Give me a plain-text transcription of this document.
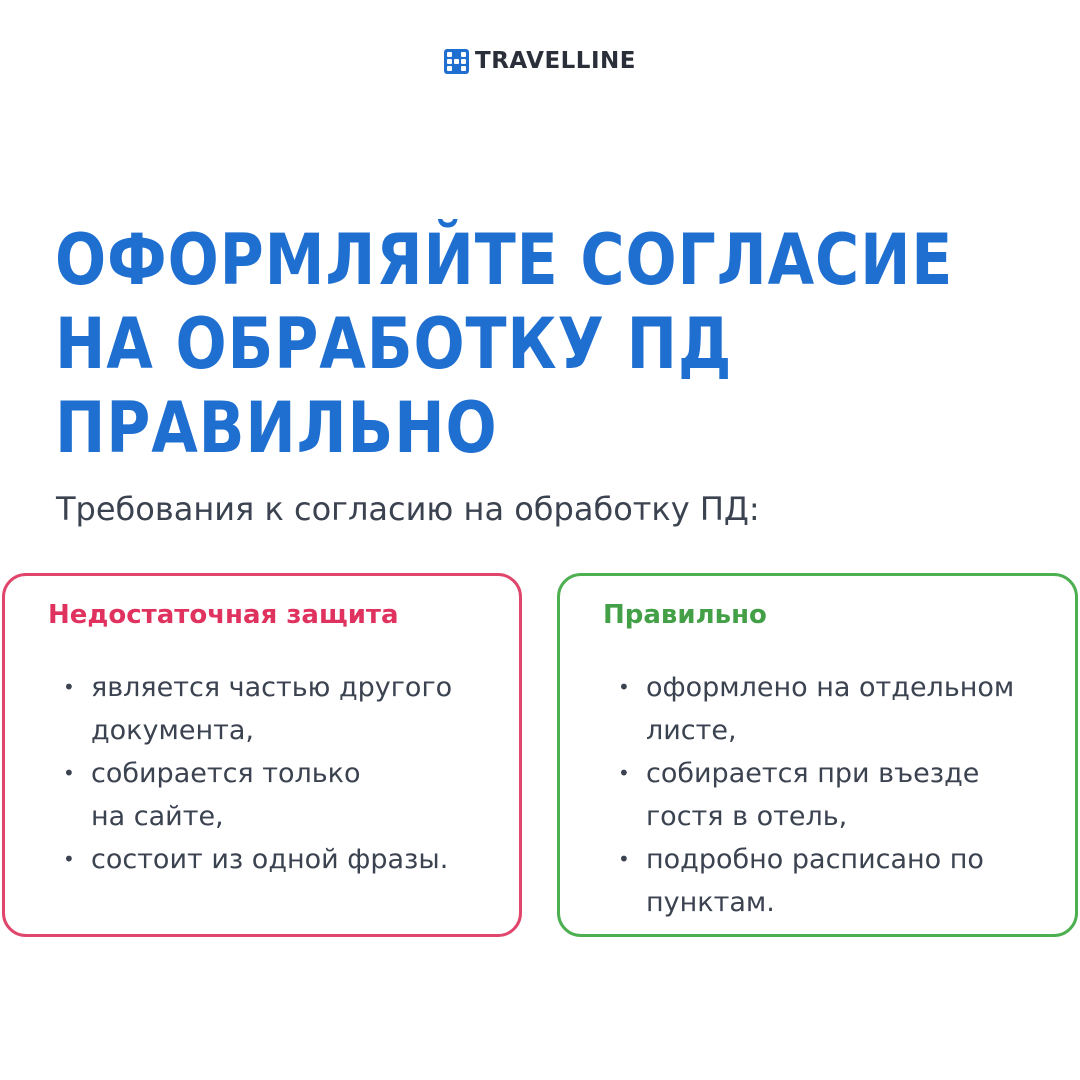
TRAVELLINE
ОФОРМЛЯЙТЕ СОГЛАСИЕ
НА ОБРАБОТКУ ПД
ПРАВИЛЬНО

Требования к согласию на обработку ПД:

Недостаточная защита
• является частью другого
документа,
• собирается только
на сайте,
• состоит из одной фразы.
Правильно
• оформлено на отдельном
листе,
• собирается при въезде
гостя в отель,
• подробно расписано по
пунктам.
